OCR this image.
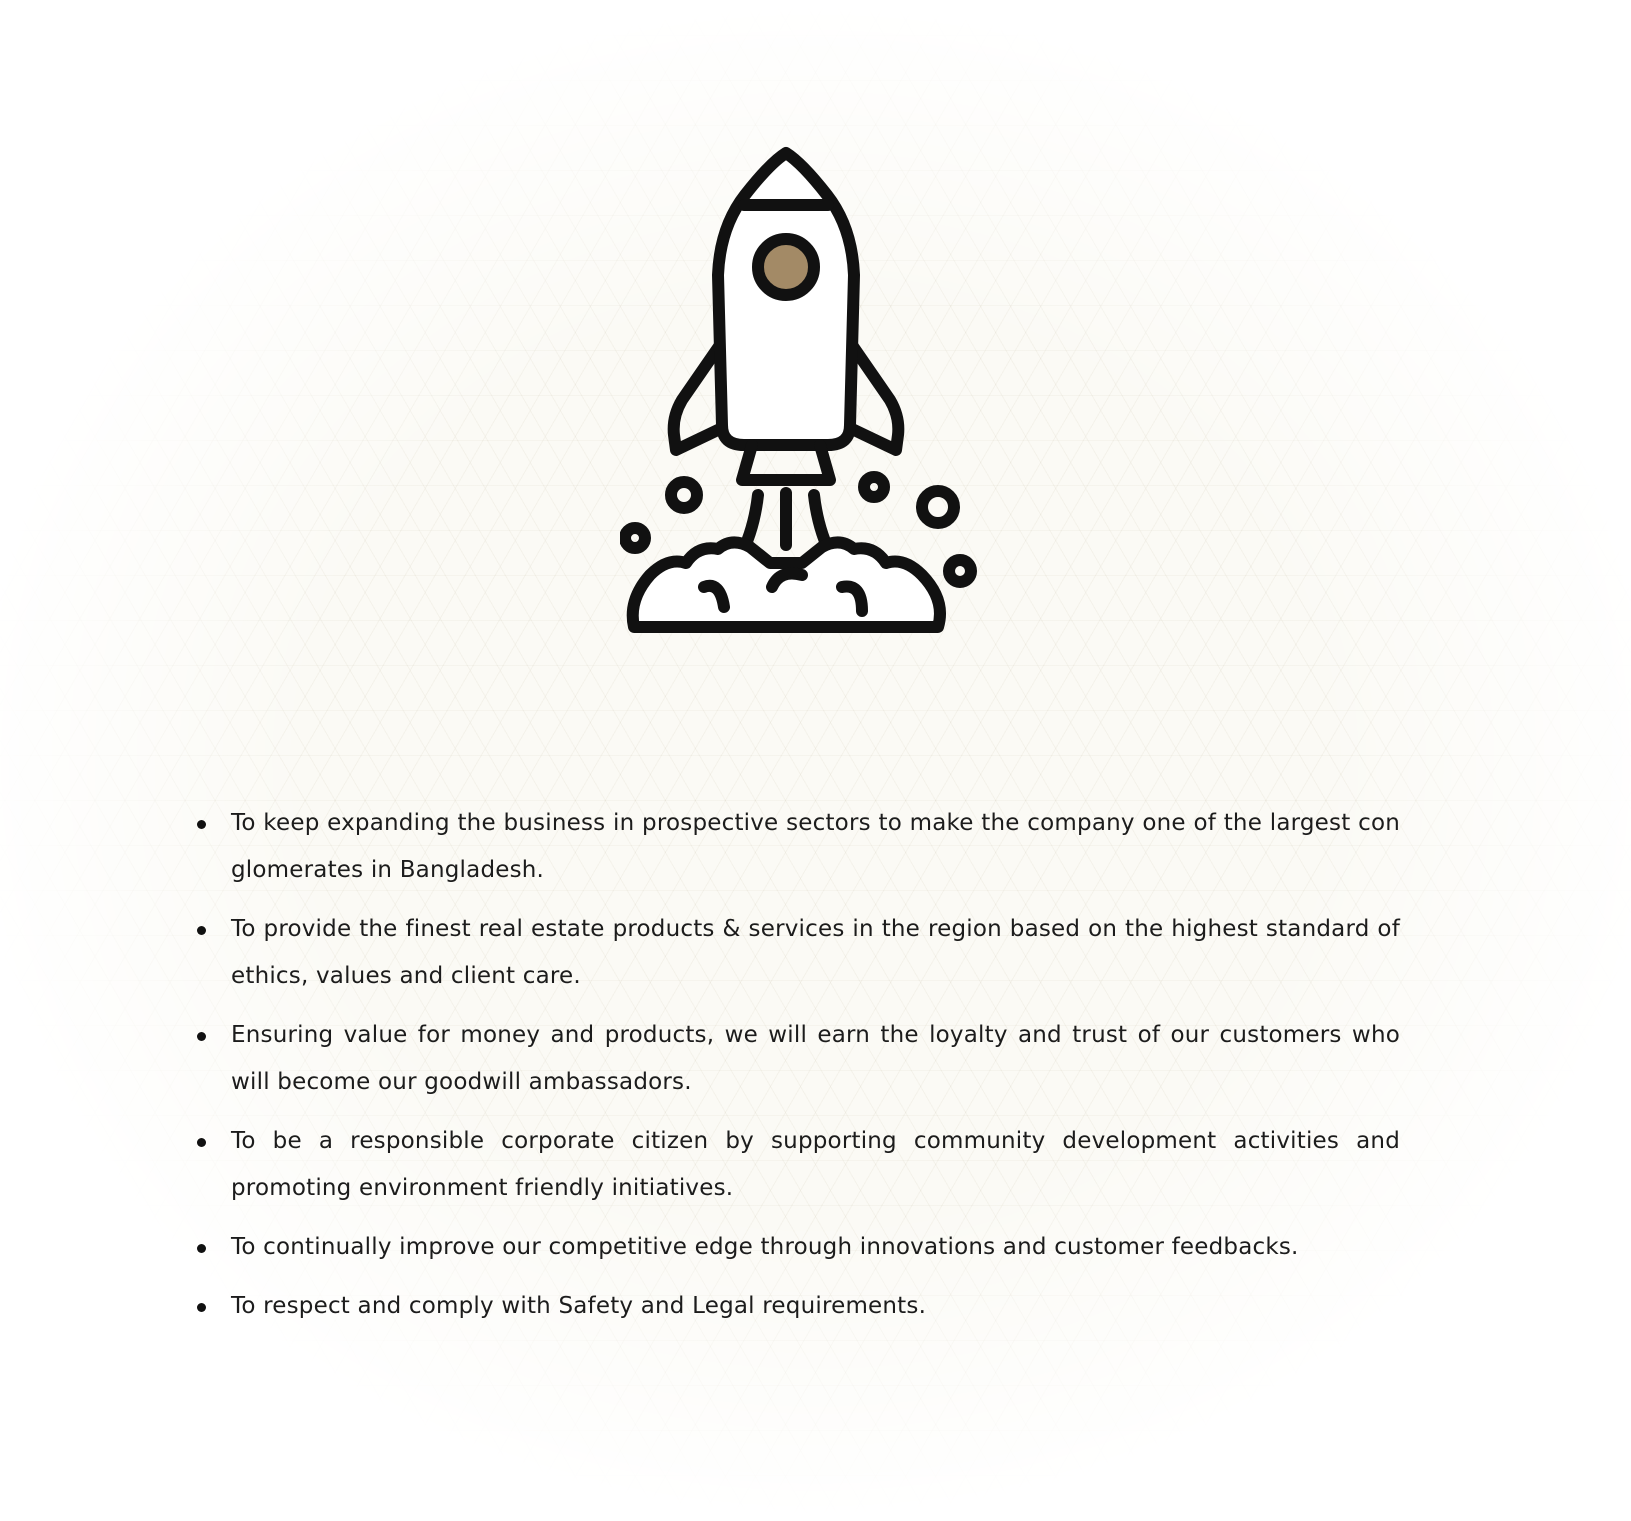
To keep expanding the business in prospective sectors to make the company one of the largest con glomerates in Bangladesh.
To provide the finest real estate products & services in the region based on the highest standard of ethics, values and client care.
Ensuring value for money and products, we will earn the loyalty and trust of our customers who will become our goodwill ambassadors.
To be a responsible corporate citizen by supporting community development activities and promoting environment friendly initiatives.
To continually improve our competitive edge through innovations and customer feedbacks.
To respect and comply with Safety and Legal requirements.
